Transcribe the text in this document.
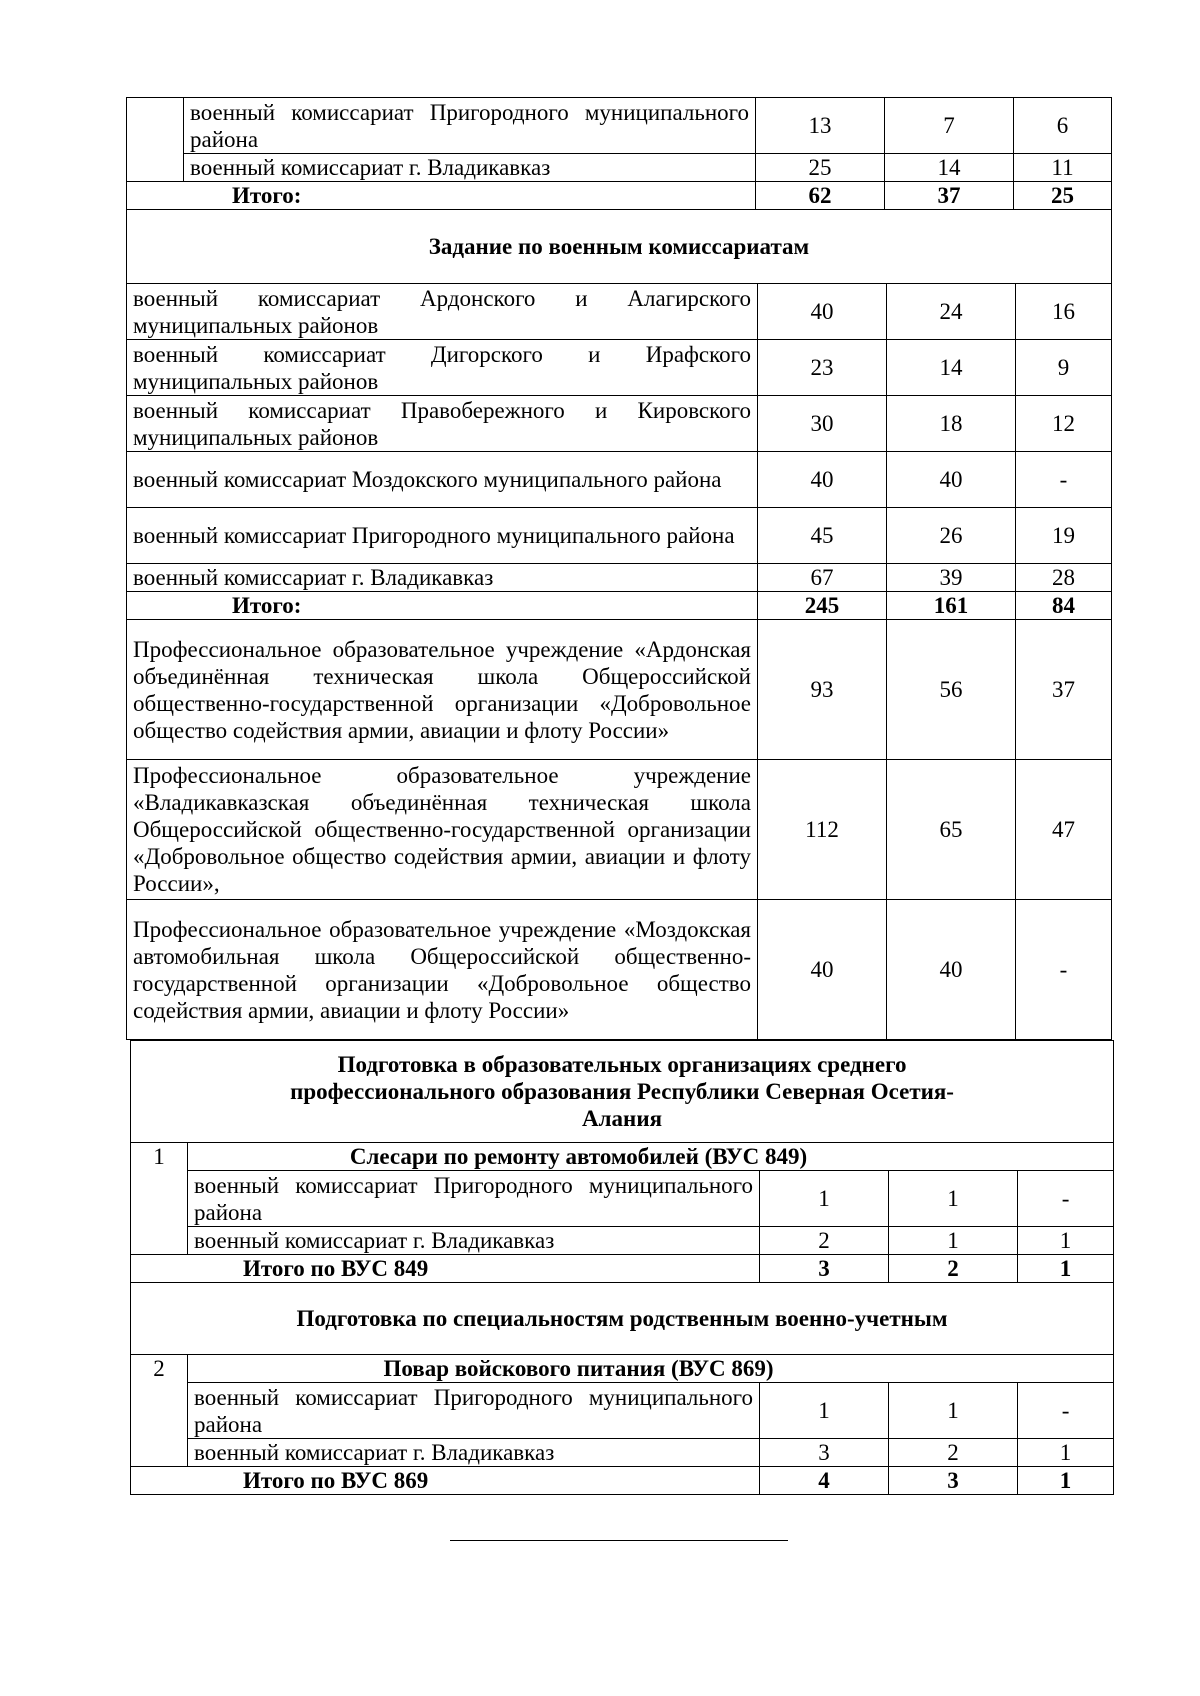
	военный комиссариат Пригородного муниципального района	13	7	6
	военный комиссариат г. Владикавказ	25	14	11
Итого:		62	37	25
Задание по военным комиссариатам				
военный комиссариат Ардонского и Алагирского муниципальных районов	40	24	16
военный комиссариат Дигорского и Ирафского муниципальных районов	23	14	9
военный комиссариат Правобережного и Кировского муниципальных районов	30	18	12
военный комиссариат Моздокского муниципального района	40	40	-
военный комиссариат Пригородного муниципального района	45	26	19
военный комиссариат г. Владикавказ	67	39	28
Итого:	245	161	84
Профессиональное образовательное учреждение «Ардонская объединённая техническая школа Общероссийской общественно-государственной организации «Добровольное общество содействия армии, авиации и флоту России»	93	56	37
Профессиональное образовательное учреждение «Владикавказская объединённая техническая школа Общероссийской общественно-государственной организации «Добровольное общество содействия армии, авиации и флоту России»,	112	65	47
Профессиональное образовательное учреждение «Моздокская автомобильная школа Общероссийской общественно-государственной организации «Добровольное общество содействия армии, авиации и флоту России»	40	40	-
Подготовка в образовательных организациях среднего профессионального образования Республики Северная Осетия-Алания				
1	Слесари по ремонту автомобилей (ВУС 849)			
	военный комиссариат Пригородного муниципального района	1	1	-
	военный комиссариат г. Владикавказ	2	1	1
Итого по ВУС 849		3	2	1
Подготовка по специальностям родственным военно-учетным				
2	Повар войскового питания (ВУС 869)			
	военный комиссариат Пригородного муниципального района	1	1	-
	военный комиссариат г. Владикавказ	3	2	1
Итого по ВУС 869		4	3	1
